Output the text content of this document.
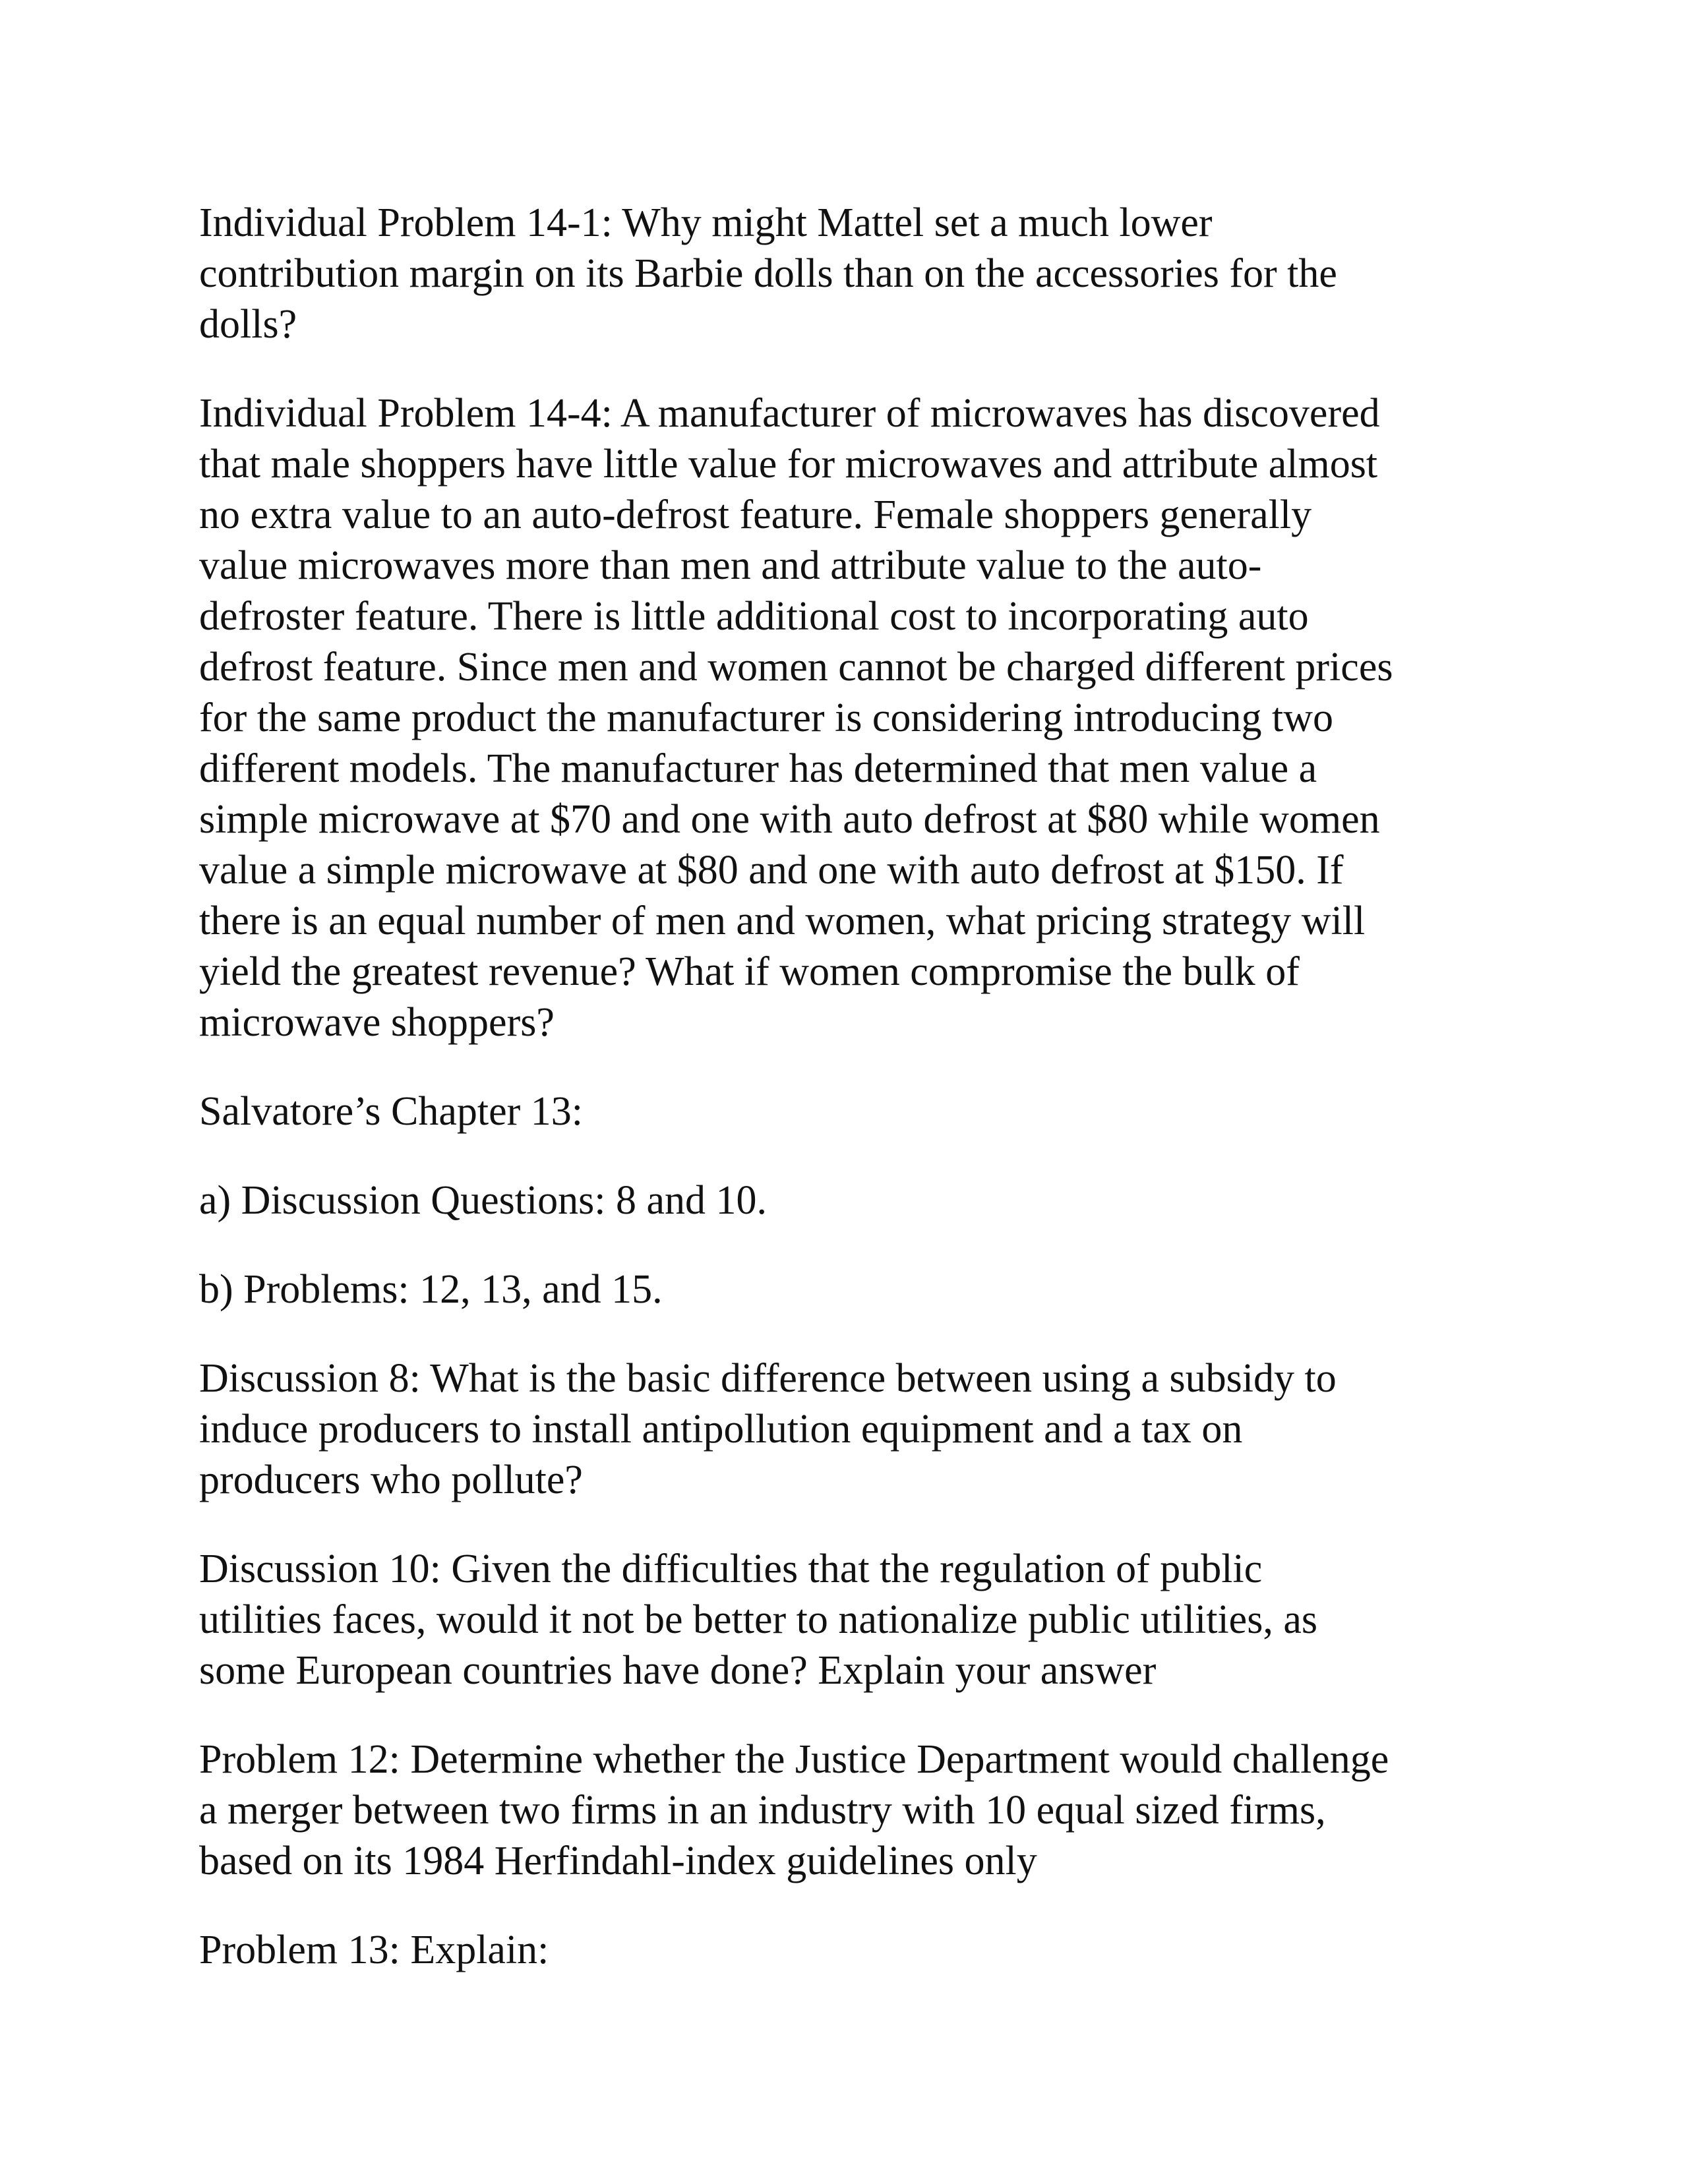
Individual Problem 14-1: Why might Mattel set a much lower
contribution margin on its Barbie dolls than on the accessories for the
dolls?

Individual Problem 14-4: A manufacturer of microwaves has discovered
that male shoppers have little value for microwaves and attribute almost
no extra value to an auto-defrost feature. Female shoppers generally
value microwaves more than men and attribute value to the auto-
defroster feature. There is little additional cost to incorporating auto
defrost feature. Since men and women cannot be charged different prices
for the same product the manufacturer is considering introducing two
different models. The manufacturer has determined that men value a
simple microwave at $70 and one with auto defrost at $80 while women
value a simple microwave at $80 and one with auto defrost at $150. If
there is an equal number of men and women, what pricing strategy will
yield the greatest revenue? What if women compromise the bulk of
microwave shoppers?

Salvatore’s Chapter 13:

a) Discussion Questions: 8 and 10.

b) Problems: 12, 13, and 15.

Discussion 8: What is the basic difference between using a subsidy to
induce producers to install antipollution equipment and a tax on
producers who pollute?

Discussion 10: Given the difficulties that the regulation of public
utilities faces, would it not be better to nationalize public utilities, as
some European countries have done? Explain your answer

Problem 12: Determine whether the Justice Department would challenge
a merger between two firms in an industry with 10 equal sized firms,
based on its 1984 Herfindahl-index guidelines only

Problem 13: Explain:
